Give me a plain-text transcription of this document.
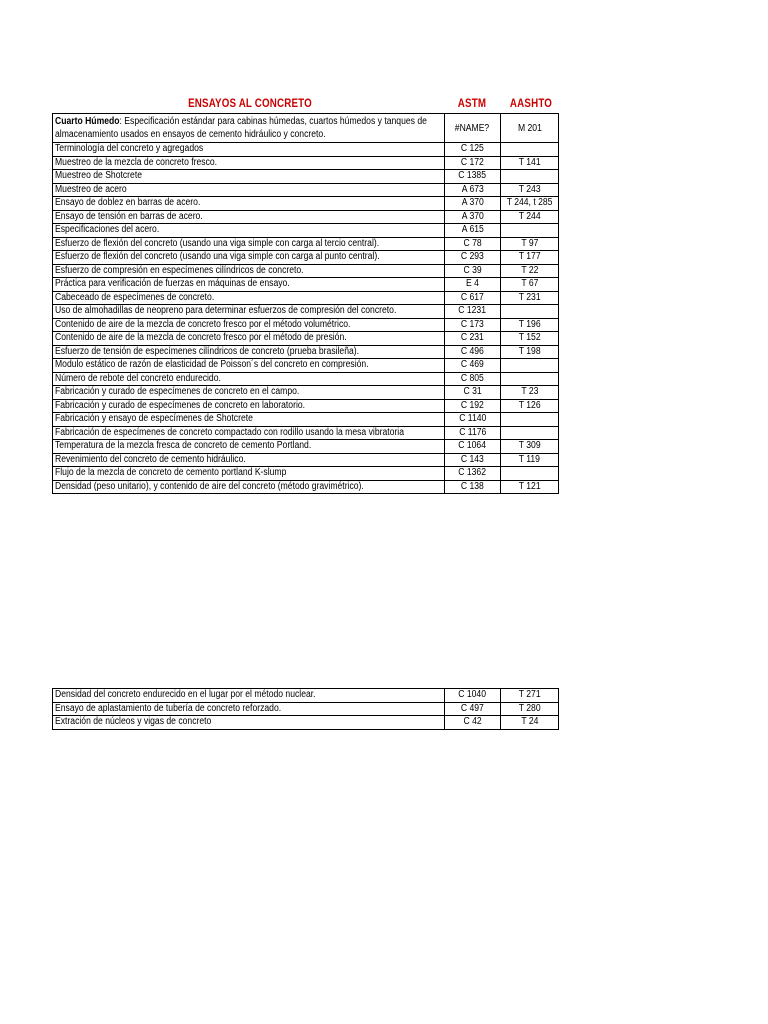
ENSAYOS AL CONCRETO	ASTM	AASHTO
Cuarto Húmedo: Especificación estándar para cabinas húmedas, cuartos húmedos y tanques de almacenamiento usados en ensayos de cemento hidráulico y concreto.	#NAME?	M 201
Terminología del concreto y agregados	C 125	
Muestreo de la mezcla de concreto fresco.	C 172	T 141
Muestreo de Shotcrete	C 1385	
Muestreo de acero	A 673	T 243
Ensayo de doblez en barras de acero.	A 370	T 244, t 285
Ensayo de tensión en barras de acero.	A 370	T 244
Especificaciones del acero.	A 615	
Esfuerzo de flexión del concreto (usando una viga simple con carga al tercio central).	C 78	T 97
Esfuerzo de flexión del concreto (usando una viga simple con carga al punto central).	C 293	T 177
Esfuerzo de compresión en especímenes cilíndricos de concreto.	C 39	T 22
Práctica para verificación de fuerzas en máquinas de ensayo.	E 4	T 67
Cabeceado de especímenes de concreto.	C 617	T 231
Uso de almohadillas de neopreno para determinar esfuerzos de compresión del concreto.	C 1231	
Contenido de aire de la mezcla de concreto fresco por el método volumétrico.	C 173	T 196
Contenido de aire de la mezcla de concreto fresco por el método de presión.	C 231	T 152
Esfuerzo de tensión de especímenes cilíndricos de concreto (prueba brasileña).	C 496	T 198
Modulo estático de razón de elasticidad de Poisson´s del concreto en compresión.	C 469	
Número de rebote del concreto endurecido.	C 805	
Fabricación y curado de especímenes de concreto en el campo.	C 31	T 23
Fabricación y curado de especímenes de concreto en laboratorio.	C 192	T 126
Fabricación y ensayo de especímenes de Shotcrete	C 1140	
Fabricación de especímenes de concreto compactado con rodillo usando la mesa vibratoria	C 1176	
Temperatura de la mezcla fresca de concreto de cemento Portland.	C 1064	T 309
Revenimiento del concreto de cemento hidráulico.	C 143	T 119
Flujo de la mezcla de concreto de cemento portland K-slump	C 1362	
Densidad (peso unitario), y contenido de aire del concreto (método gravimétrico).	C 138	T 121
Densidad del concreto endurecido en el lugar por el método nuclear.	C 1040	T 271
Ensayo de aplastamiento de tubería de concreto reforzado.	C 497	T 280
Extración de núcleos y vigas de concreto	C 42	T 24
